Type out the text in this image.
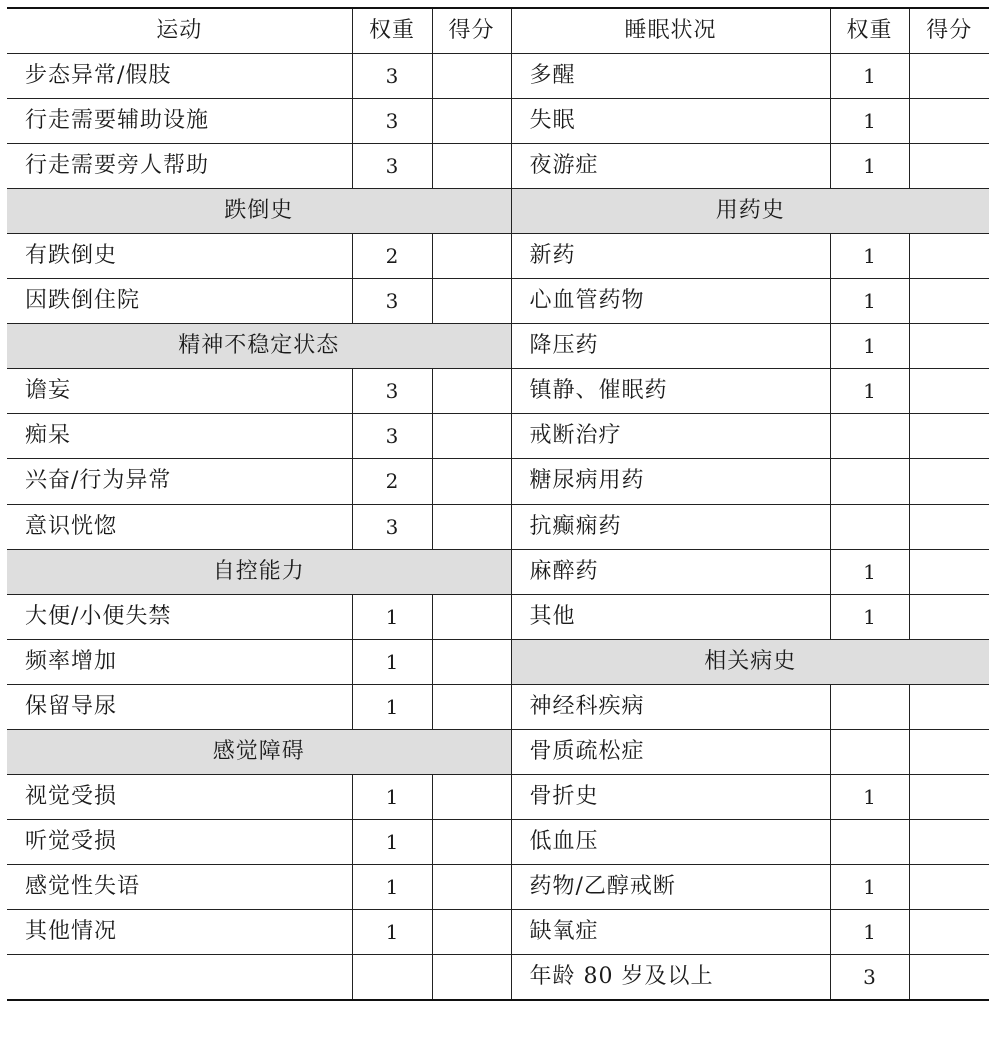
运动	权重	得分	睡眠状况	权重	得分
步态异常/假肢	3		多醒	1	
行走需要辅助设施	3		失眠	1	
行走需要旁人帮助	3		夜游症	1	
跌倒史			用药史		
有跌倒史	2		新药	1	
因跌倒住院	3		心血管药物	1	
精神不稳定状态			降压药	1	
谵妄	3		镇静、催眠药	1	
痴呆	3		戒断治疗		
兴奋/行为异常	2		糖尿病用药		
意识恍惚	3		抗癫痫药		
自控能力			麻醉药	1	
大便/小便失禁	1		其他	1	
频率增加	1		相关病史		
保留导尿	1		神经科疾病		
感觉障碍			骨质疏松症		
视觉受损	1		骨折史	1	
听觉受损	1		低血压		
感觉性失语	1		药物/乙醇戒断	1	
其他情况	1		缺氧症	1	
			年龄 80 岁及以上	3	
